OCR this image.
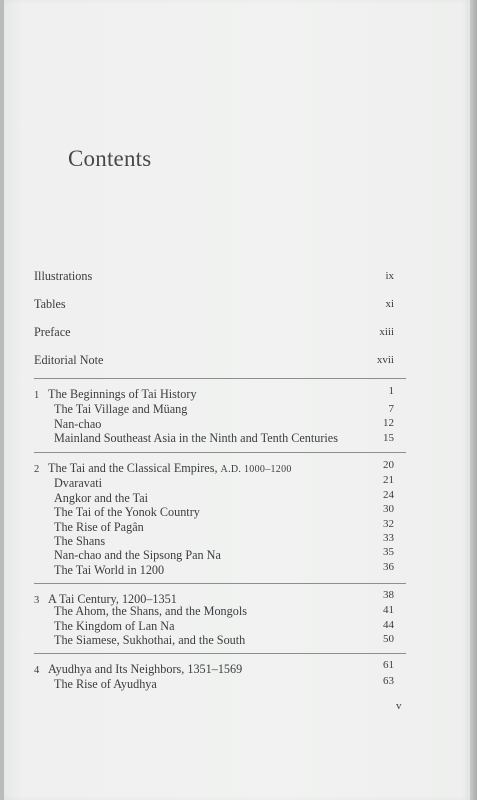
Contents
Illustrations	ix
Tables	xi
Preface	xiii
Editorial Note	xvii
1 The Beginnings of Tai History	1
The Tai Village and Müang	7
Nan-chao	12
Mainland Southeast Asia in the Ninth and Tenth Centuries	15
2 The Tai and the Classical Empires, A.D. 1000–1200	20
Dvaravati	21
Angkor and the Tai	24
The Tai of the Yonok Country	30
The Rise of Pagân	32
The Shans	33
Nan-chao and the Sipsong Pan Na	35
The Tai World in 1200	36
3 A Tai Century, 1200–1351	38
The Ahom, the Shans, and the Mongols	41
The Kingdom of Lan Na	44
The Siamese, Sukhothai, and the South	50
4 Ayudhya and Its Neighbors, 1351–1569	61
The Rise of Ayudhya	63
v
